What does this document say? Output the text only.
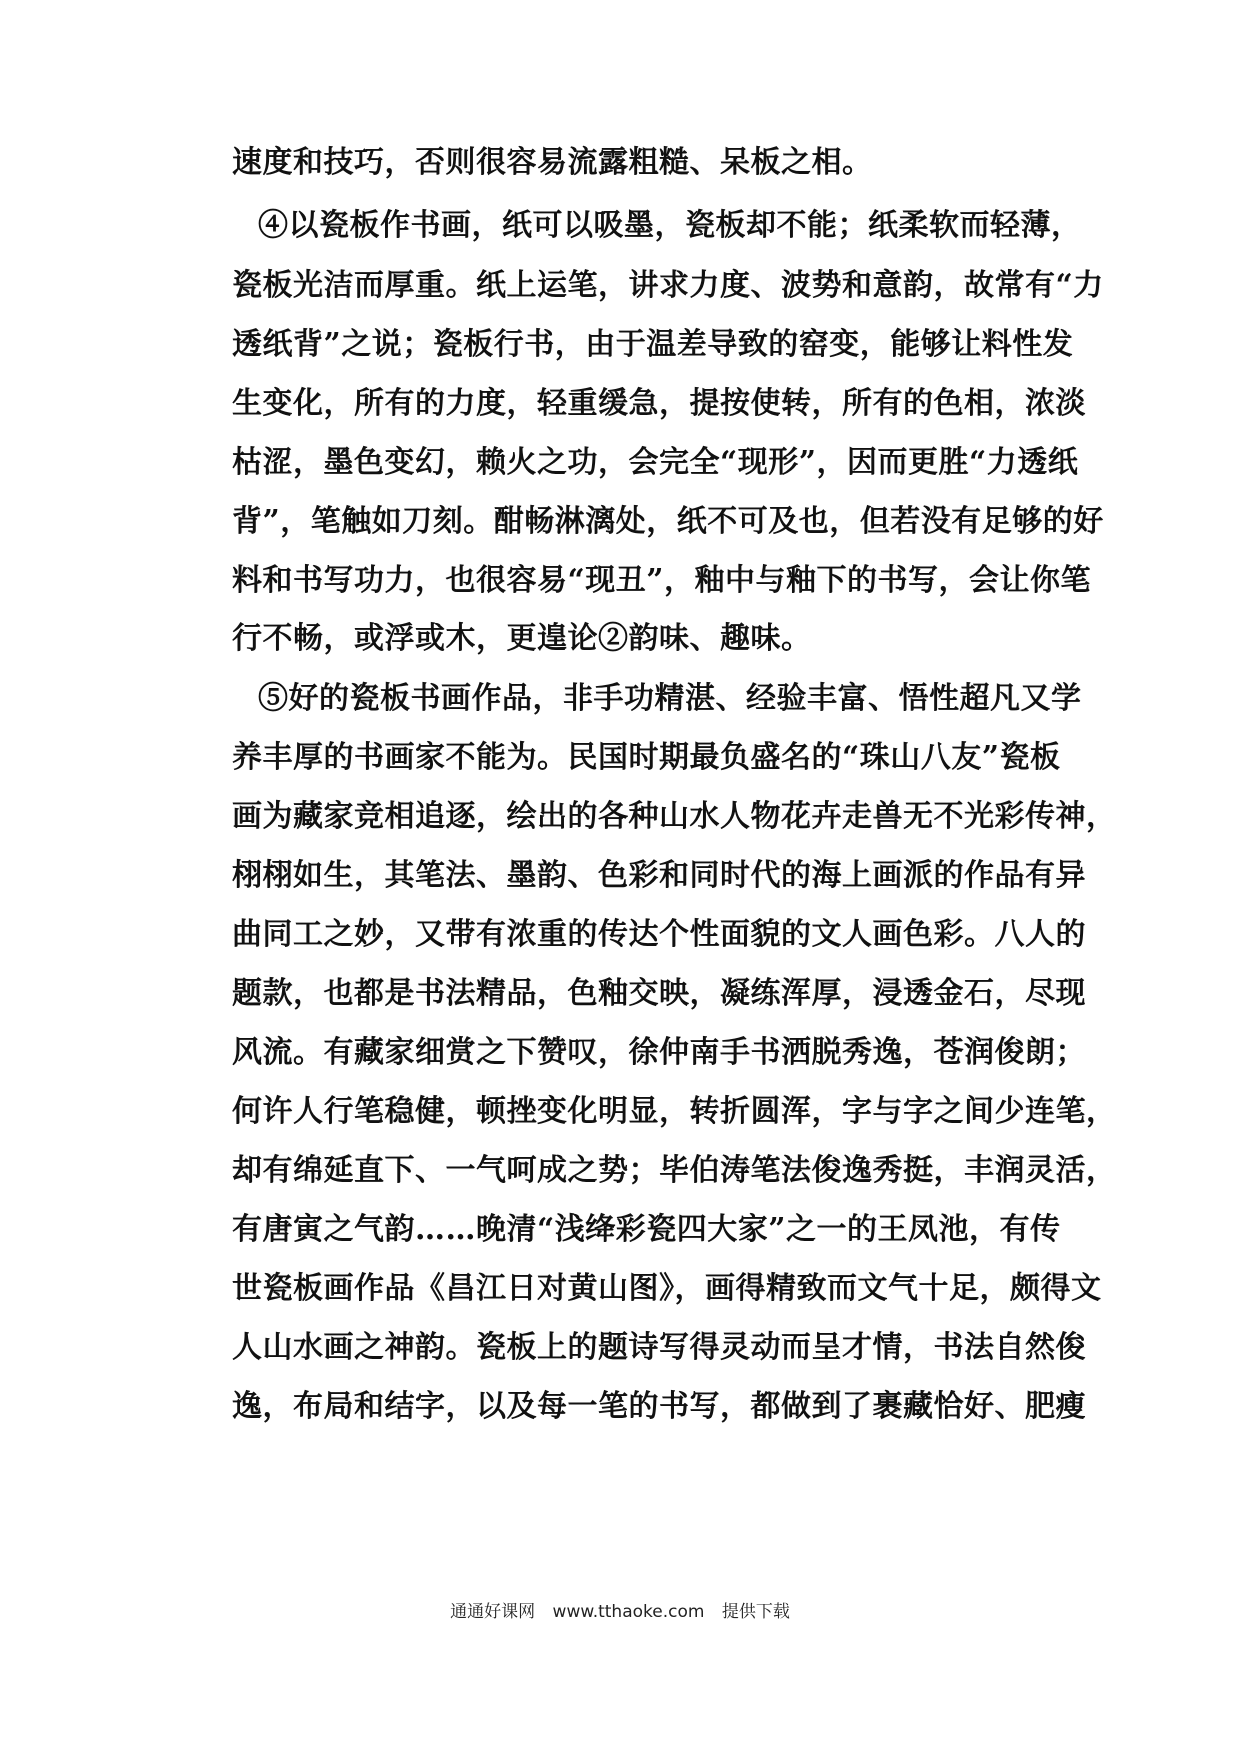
速度和技巧，否则很容易流露粗糙、呆板之相。
④以瓷板作书画，纸可以吸墨，瓷板却不能；纸柔软而轻薄，
瓷板光洁而厚重。纸上运笔，讲求力度、波势和意韵，故常有“力
透纸背”之说；瓷板行书，由于温差导致的窑变，能够让料性发
生变化，所有的力度，轻重缓急，提按使转，所有的色相，浓淡
枯涩，墨色变幻，赖火之功，会完全“现形”，因而更胜“力透纸
背”，笔触如刀刻。酣畅淋漓处，纸不可及也，但若没有足够的好
料和书写功力，也很容易“现丑”，釉中与釉下的书写，会让你笔
行不畅，或浮或木，更遑论②韵味、趣味。
⑤好的瓷板书画作品，非手功精湛、经验丰富、悟性超凡又学
养丰厚的书画家不能为。民国时期最负盛名的“珠山八友”瓷板
画为藏家竞相追逐，绘出的各种山水人物花卉走兽无不光彩传神，
栩栩如生，其笔法、墨韵、色彩和同时代的海上画派的作品有异
曲同工之妙，又带有浓重的传达个性面貌的文人画色彩。八人的
题款，也都是书法精品，色釉交映，凝练浑厚，浸透金石，尽现
风流。有藏家细赏之下赞叹，徐仲南手书洒脱秀逸，苍润俊朗；
何许人行笔稳健，顿挫变化明显，转折圆浑，字与字之间少连笔，
却有绵延直下、一气呵成之势；毕伯涛笔法俊逸秀挺，丰润灵活，
有唐寅之气韵……晚清“浅绛彩瓷四大家”之一的王凤池，有传
世瓷板画作品《昌江日对黄山图》，画得精致而文气十足，颇得文
人山水画之神韵。瓷板上的题诗写得灵动而呈才情，书法自然俊
逸，布局和结字，以及每一笔的书写，都做到了裹藏恰好、肥瘦
通通好课网 www.tthaoke.com 提供下载
